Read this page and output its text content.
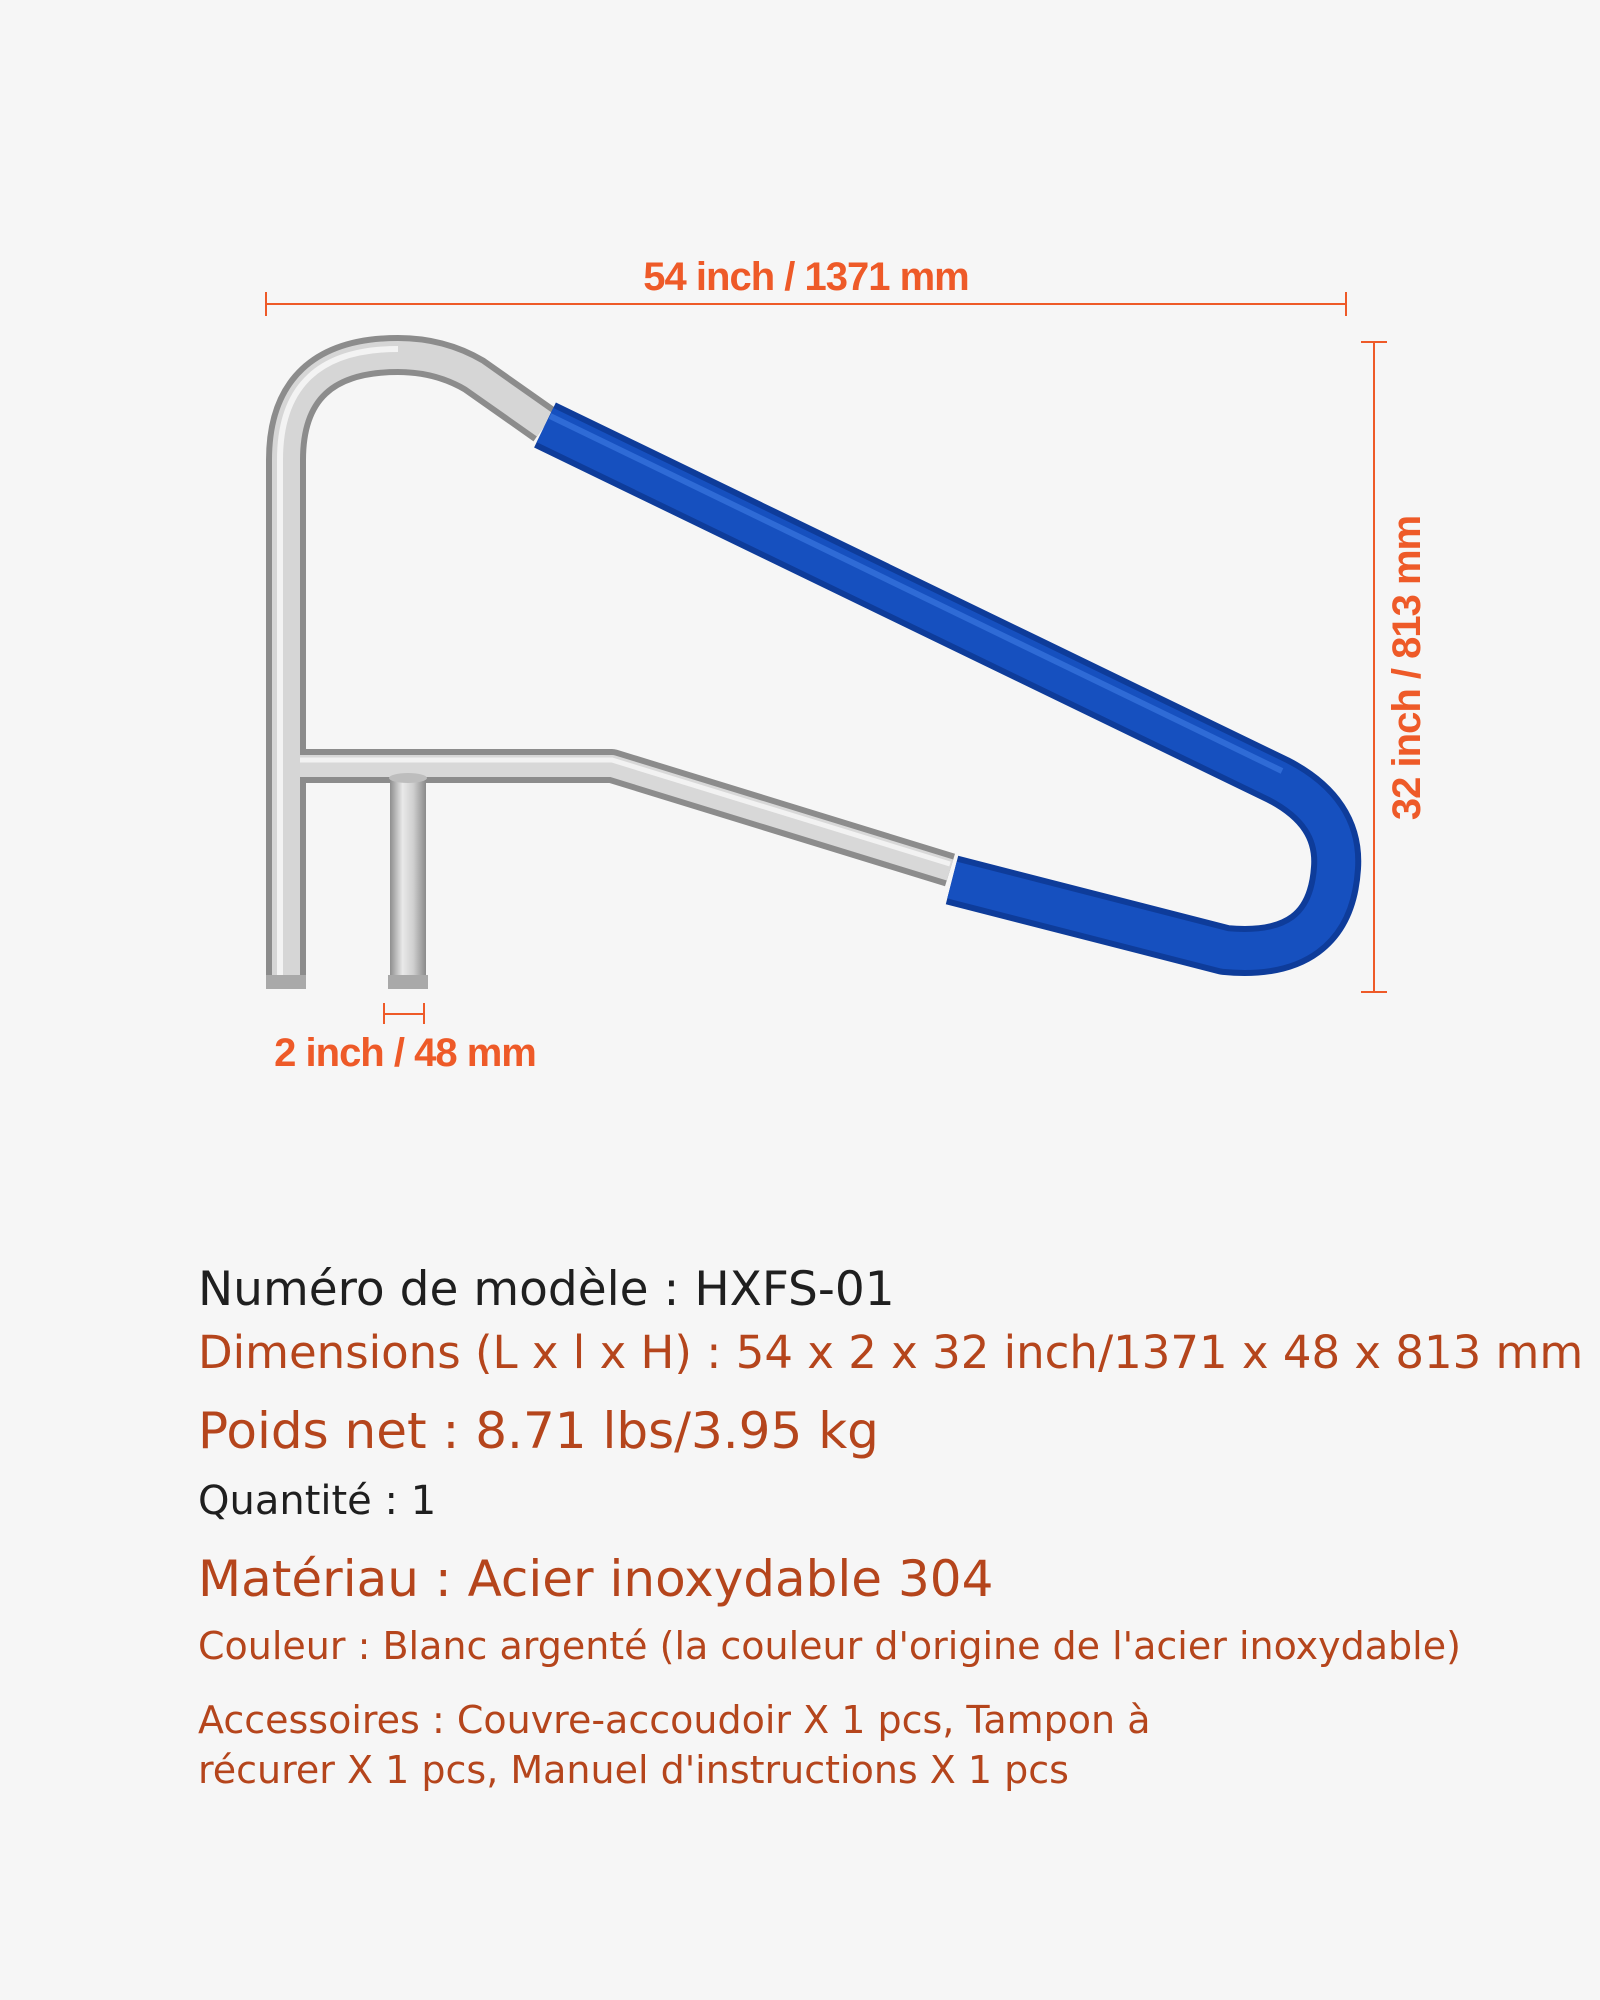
54 inch / 1371 mm
32 inch / 813 mm
2 inch / 48 mm
Numéro de modèle : HXFS-01
Dimensions (L x l x H) : 54 x 2 x 32 inch/1371 x 48 x 813 mm
Poids net : 8.71 lbs/3.95 kg
Quantité : 1
Matériau : Acier inoxydable 304
Couleur : Blanc argenté (la couleur d'origine de l'acier inoxydable)
Accessoires : Couvre-accoudoir X 1 pcs, Tampon à récurer X 1 pcs, Manuel d'instructions X 1 pcs
